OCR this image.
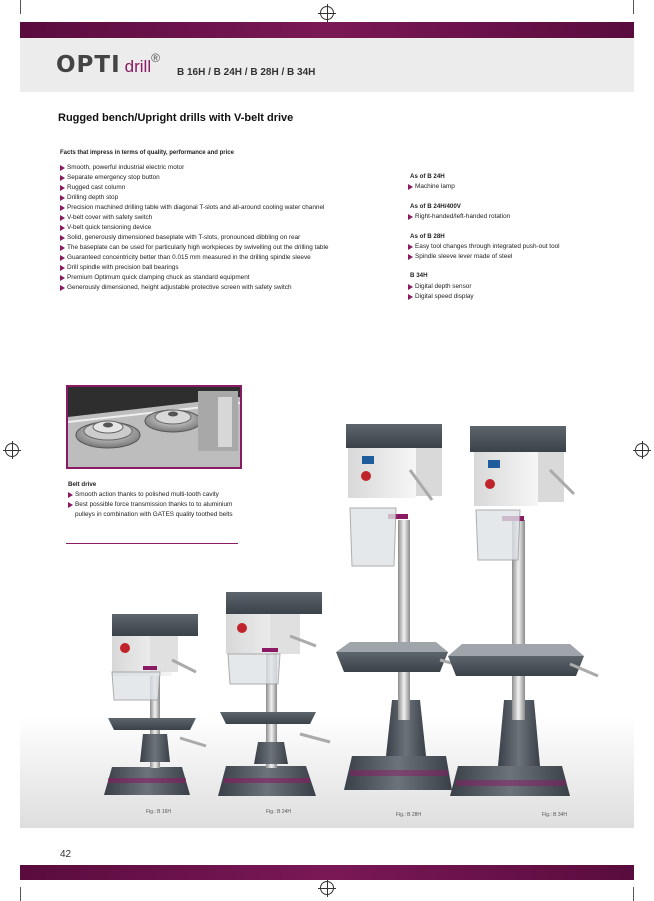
OPTI drill ®
B 16H / B 24H / B 28H / B 34H
Rugged bench/Upright drills with V-belt drive
Facts that impress in terms of quality, performance and price
Smooth, powerful industrial electric motor
Separate emergency stop button
Rugged cast column
Drilling depth stop
Precision machined drilling table with diagonal T-slots and all-around cooling water channel
V-belt cover with safety switch
V-belt quick tensioning device
Solid, generously dimensioned baseplate with T-slots, pronounced dibbling on rear
The baseplate can be used for particularly high workpieces by swivelling out the drilling table
Guaranteed concentricity better than 0.015 mm measured in the drilling spindle sleeve
Drill spindle with precision ball bearings
Premium Optimum quick clamping chuck as standard equipment
Generously dimensioned, height adjustable protective screen with safety switch
As of B 24H
Machine lamp
As of B 24H/400V
Right-handed/left-handed rotation
As of B 28H
Easy tool changes through integrated push-out tool
Spindle sleeve lever made of steel
B 34H
Digital depth sensor
Digital speed display
Belt drive
Smooth action thanks to polished multi-tooth cavity
Best possible force transmission thanks to to aluminium pulleys in combination with GATES quality toothed belts
Fig.: B 16H	Fig.: B 24H	Fig.: B 28H	Fig.: B 34H
42
